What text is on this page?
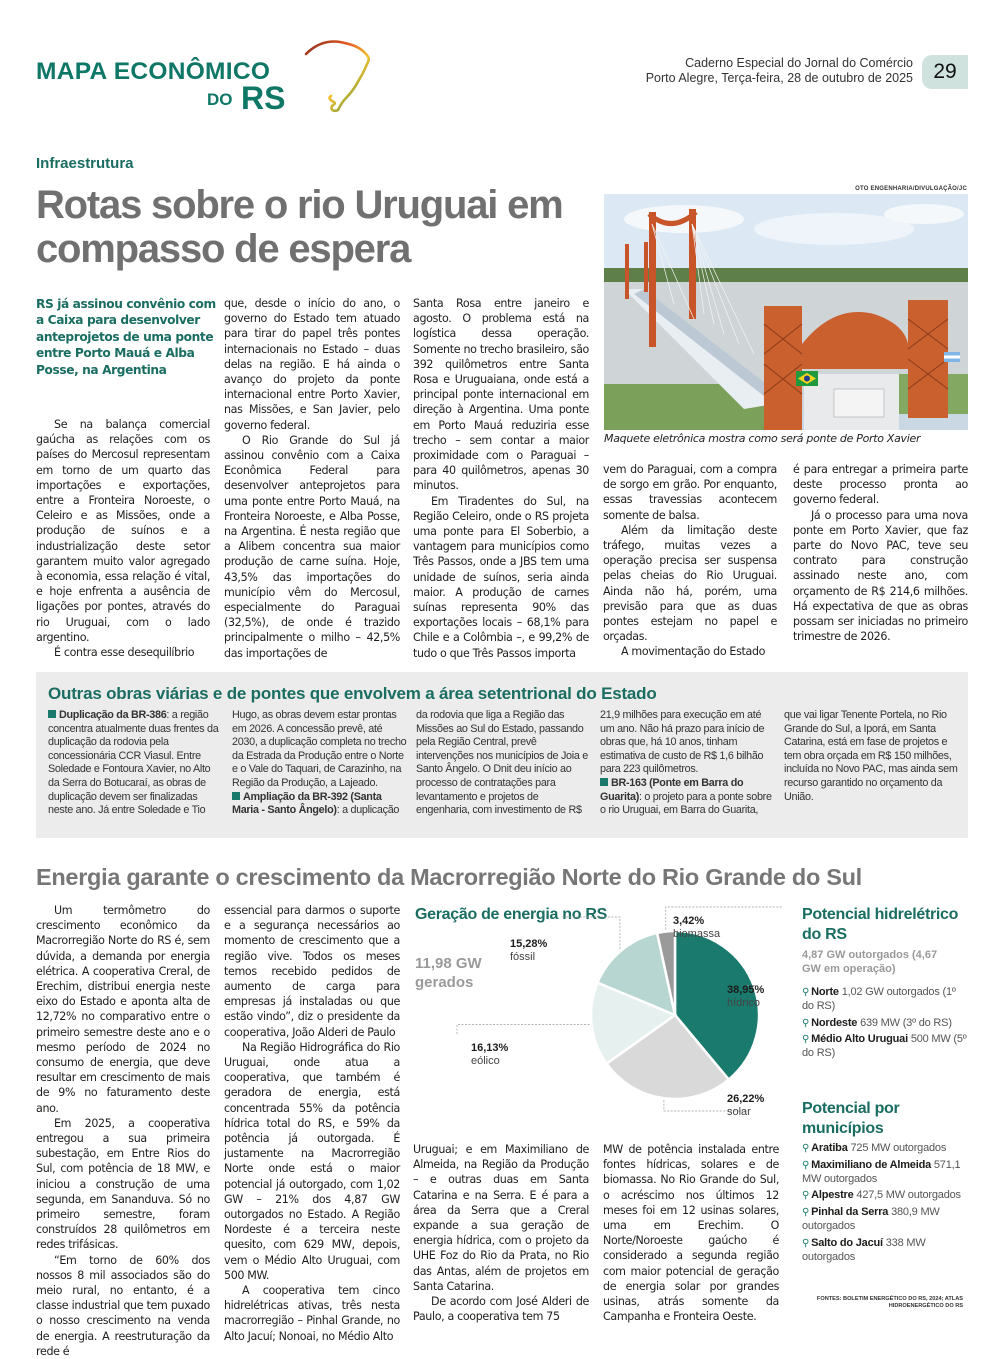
MAPA ECONÔMICO
DO RS
Caderno Especial do Jornal do Comércio
Porto Alegre, Terça-feira, 28 de outubro de 2025 29
Infraestrutura
Rotas sobre o rio Uruguai em compasso de espera
RS já assinou convênio com a Caixa para desenvolver anteprojetos de uma ponte entre Porto Mauá e Alba Posse, na Argentina

Se na balança comercial gaúcha as relações com os países do Mercosul representam em torno de um quarto das importações e exportações, entre a Fronteira Noroeste, o Celeiro e as Missões, onde a produção de suínos e a industrialização deste setor garantem muito valor agregado à economia, essa relação é vital, e hoje enfrenta a ausência de ligações por pontes, através do rio Uruguai, com o lado argentino.

É contra esse desequilíbrio

que, desde o início do ano, o governo do Estado tem atuado para tirar do papel três pontes internacionais no Estado – duas delas na região. E há ainda o avanço do projeto da ponte internacional entre Porto Xavier, nas Missões, e San Javier, pelo governo federal.

O Rio Grande do Sul já assinou convênio com a Caixa Econômica Federal para desenvolver anteprojetos para uma ponte entre Porto Mauá, na Fronteira Noroeste, e Alba Posse, na Argentina. É nesta região que a Alibem concentra sua maior produção de carne suína. Hoje, 43,5% das importações do município vêm do Mercosul, especialmente do Paraguai (32,5%), de onde é trazido principalmente o milho – 42,5% das importações de

Santa Rosa entre janeiro e agosto. O problema está na logística dessa operação. Somente no trecho brasileiro, são 392 quilômetros entre Santa Rosa e Uruguaiana, onde está a principal ponte internacional em direção à Argentina. Uma ponte em Porto Mauá reduziria esse trecho – sem contar a maior proximidade com o Paraguai – para 40 quilômetros, apenas 30 minutos.

Em Tiradentes do Sul, na Região Celeiro, onde o RS projeta uma ponte para El Soberbio, a vantagem para municípios como Três Passos, onde a JBS tem uma unidade de suínos, seria ainda maior. A produção de carnes suínas representa 90% das exportações locais – 68,1% para Chile e a Colômbia –, e 99,2% de tudo o que Três Passos importa

vem do Paraguai, com a compra de sorgo em grão. Por enquanto, essas travessias acontecem somente de balsa.

Além da limitação deste tráfego, muitas vezes a operação precisa ser suspensa pelas cheias do Rio Uruguai. Ainda não há, porém, uma previsão para que as duas pontes estejam no papel e orçadas.

A movimentação do Estado

é para entregar a primeira parte deste processo pronta ao governo federal.

Já o processo para uma nova ponte em Porto Xavier, que faz parte do Novo PAC, teve seu contrato para construção assinado neste ano, com orçamento de R$ 214,6 milhões. Há expectativa de que as obras possam ser iniciadas no primeiro trimestre de 2026.

OTO ENGENHARIA/DIVULGAÇÃO/JC
Maquete eletrônica mostra como será ponte de Porto Xavier
Outras obras viárias e de pontes que envolvem a área setentrional do Estado
Duplicação da BR-386: a região concentra atualmente duas frentes da duplicação da rodovia pela concessionária CCR Viasul. Entre Soledade e Fontoura Xavier, no Alto da Serra do Botucaraí, as obras de duplicação devem ser finalizadas neste ano. Já entre Soledade e Tio Hugo, as obras devem estar prontas em 2026. A concessão prevê, até 2030, a duplicação completa no trecho da Estrada da Produção entre o Norte e o Vale do Taquari, de Carazinho, na Região da Produção, a Lajeado.
Ampliação da BR-392 (Santa Maria - Santo Ângelo): a duplicação da rodovia que liga a Região das Missões ao Sul do Estado, passando pela Região Central, prevê intervenções nos municípios de Joia e Santo Ângelo. O Dnit deu início ao processo de contratações para levantamento e projetos de engenharia, com investimento de R$ 21,9 milhões para execução em até um ano. Não há prazo para início de obras que, há 10 anos, tinham estimativa de custo de R$ 1,6 bilhão para 223 quilômetros.
BR-163 (Ponte em Barra do Guarita): o projeto para a ponte sobre o rio Uruguai, em Barra do Guarita, que vai ligar Tenente Portela, no Rio Grande do Sul, a Iporá, em Santa Catarina, está em fase de projetos e tem obra orçada em R$ 150 milhões, incluída no Novo PAC, mas ainda sem recurso garantido no orçamento da União.
Energia garante o crescimento da Macrorregião Norte do Rio Grande do Sul

Um termômetro do crescimento econômico da Macrorregião Norte do RS é, sem dúvida, a demanda por energia elétrica. A cooperativa Creral, de Erechim, distribui energia neste eixo do Estado e aponta alta de 12,72% no comparativo entre o primeiro semestre deste ano e o mesmo período de 2024 no consumo de energia, que deve resultar em crescimento de mais de 9% no faturamento deste ano.

Em 2025, a cooperativa entregou a sua primeira subestação, em Entre Rios do Sul, com potência de 18 MW, e iniciou a construção de uma segunda, em Sananduva. Só no primeiro semestre, foram construídos 28 quilômetros em redes trifásicas.

“Em torno de 60% dos nossos 8 mil associados são do meio rural, no entanto, é a classe industrial que tem puxado o nosso crescimento na venda de energia. A reestruturação da rede é

essencial para darmos o suporte e a segurança necessários ao momento de crescimento que a região vive. Todos os meses temos recebido pedidos de aumento de carga para empresas já instaladas ou que estão vindo”, diz o presidente da cooperativa, João Alderi de Paulo

Na Região Hidrográfica do Rio Uruguai, onde atua a cooperativa, que também é geradora de energia, está concentrada 55% da potência hídrica total do RS, e 59% da potência já outorgada. É justamente na Macrorregião Norte onde está o maior potencial já outorgado, com 1,02 GW – 21% dos 4,87 GW outorgados no Estado. A Região Nordeste é a terceira neste quesito, com 629 MW, depois, vem o Médio Alto Uruguai, com 500 MW.

A cooperativa tem cinco hidrelétricas ativas, três nesta macrorregião – Pinhal Grande, no Alto Jacuí; Nonoai, no Médio Alto

Uruguai; e em Maximiliano de Almeida, na Região da Produção – e outras duas em Santa Catarina e na Serra. E é para a área da Serra que a Creral expande a sua geração de energia hídrica, com o projeto da UHE Foz do Rio da Prata, no Rio das Antas, além de projetos em Santa Catarina.

De acordo com José Alderi de Paulo, a cooperativa tem 75

MW de potência instalada entre fontes hídricas, solares e de biomassa. No Rio Grande do Sul, o acréscimo nos últimos 12 meses foi em 12 usinas solares, uma em Erechim. O Norte/Noroeste gaúcho é considerado a segunda região com maior potencial de geração de energia solar por grandes usinas, atrás somente da Campanha e Fronteira Oeste.

Geração de energia no RS
11,98 GW gerados	38,95%
hídrico
26,22%
solar
16,13%
eólico
15,28%
fóssil
3,42%
biomassa
Potencial hidrelétrico do RS
4,87 GW outorgados (4,67 GW em operação)
⚲ Norte 1,02 GW outorgados (1º do RS)
⚲ Nordeste 639 MW (3º do RS)
⚲ Médio Alto Uruguai 500 MW (5º do RS)
Potencial por municípios
⚲ Aratiba 725 MW outorgados
⚲ Maximiliano de Almeida 571,1 MW outorgados
⚲ Alpestre 427,5 MW outorgados
⚲ Pinhal da Serra 380,9 MW outorgados
⚲ Salto do Jacuí 338 MW outorgados
FONTES: BOLETIM ENERGÉTICO DO RS, 2024; ATLAS HIDROENERGÉTICO DO RS
